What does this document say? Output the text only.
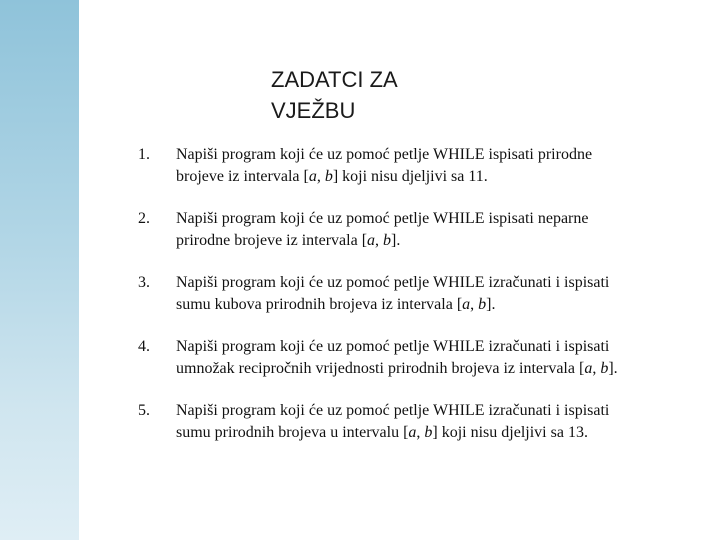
ZADATCI ZA
VJEŽBU
1.	Napiši program koji će uz pomoć petlje WHILE ispisati prirodne
brojeve iz intervala [a, b] koji nisu djeljivi sa 11.
2.	Napiši program koji će uz pomoć petlje WHILE ispisati neparne
prirodne brojeve iz intervala [a, b].
3.	Napiši program koji će uz pomoć petlje WHILE izračunati i ispisati
sumu kubova prirodnih brojeva iz intervala [a, b].
4.	Napiši program koji će uz pomoć petlje WHILE izračunati i ispisati
umnožak recipročnih vrijednosti prirodnih brojeva iz intervala [a, b].
5.	Napiši program koji će uz pomoć petlje WHILE izračunati i ispisati
sumu prirodnih brojeva u intervalu [a, b] koji nisu djeljivi sa 13.
